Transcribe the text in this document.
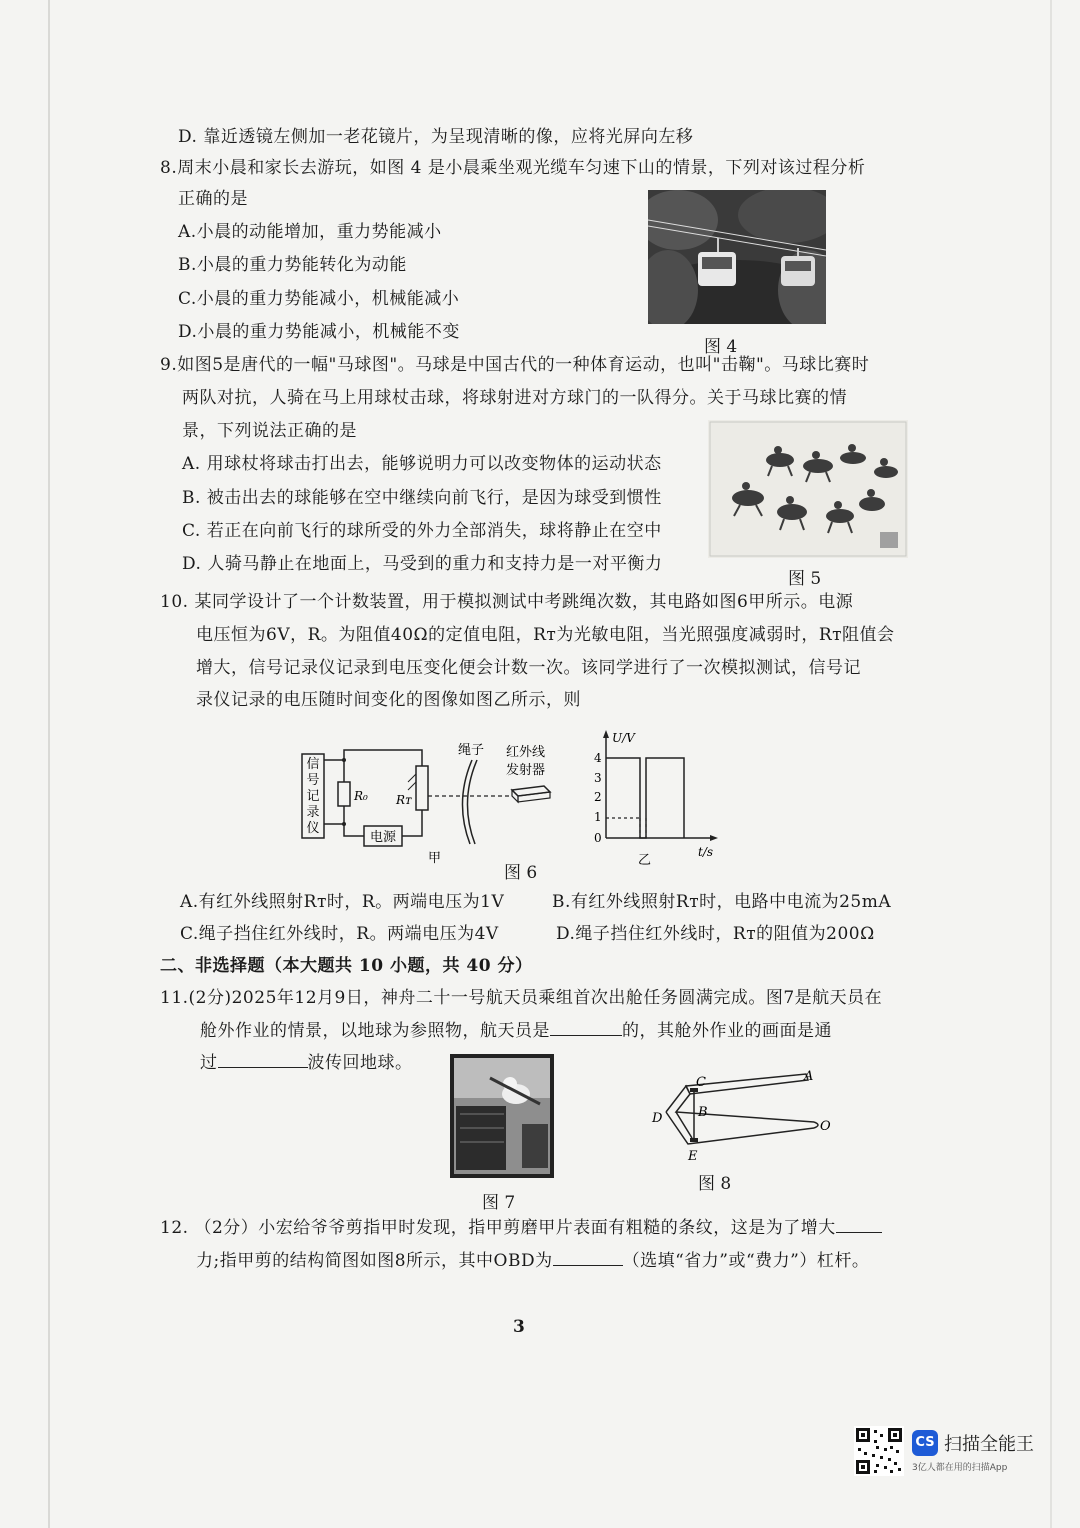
D. 靠近透镜左侧加一老花镜片，为呈现清晰的像，应将光屏向左移
8.周末小晨和家长去游玩，如图 4 是小晨乘坐观光缆车匀速下山的情景，下列对该过程分析
正确的是
A.小晨的动能增加，重力势能减小
B.小晨的重力势能转化为动能
C.小晨的重力势能减小，机械能减小
D.小晨的重力势能减小，机械能不变
图 4
9.如图5是唐代的一幅"马球图"。马球是中国古代的一种体育运动，也叫"击鞠"。马球比赛时
两队对抗，人骑在马上用球杖击球，将球射进对方球门的一队得分。关于马球比赛的情
景，下列说法正确的是
A. 用球杖将球击打出去，能够说明力可以改变物体的运动状态
B. 被击出去的球能够在空中继续向前飞行，是因为球受到惯性
C. 若正在向前飞行的球所受的外力全部消失，球将静止在空中
D. 人骑马静止在地面上，马受到的重力和支持力是一对平衡力
图 5
10. 某同学设计了一个计数装置，用于模拟测试中考跳绳次数，其电路如图6甲所示。电源
电压恒为6V，R。为阻值40Ω的定值电阻，Rᴛ为光敏电阻，当光照强度减弱时，Rᴛ阻值会
增大，信号记录仪记录到电压变化便会计数一次。该同学进行了一次模拟测试，信号记
录仪记录的电压随时间变化的图像如图乙所示，则
信
号
记
录
仪
R₀ Rᴛ
电源
绳子 红外线
发射器
甲
U/V
t/s
4
3
2
1
0
乙
图 6
A.有红外线照射Rᴛ时，R。两端电压为1V	B.有红外线照射Rᴛ时，电路中电流为25mA
C.绳子挡住红外线时，R。两端电压为4V	D.绳子挡住红外线时，Rᴛ的阻值为200Ω
二、非选择题（本大题共 10 小题，共 40 分）
11.(2分)2025年12月9日，神舟二十一号航天员乘组首次出舱任务圆满完成。图7是航天员在
舱外作业的情景，以地球为参照物，航天员是	的，其舱外作业的画面是通
过	波传回地球。
图 7
C	A
B
D
E
O
图 8
12. （2分）小宏给爷爷剪指甲时发现，指甲剪磨甲片表面有粗糙的条纹，这是为了增大
力;指甲剪的结构简图如图8所示，其中OBD为	（选填“省力”或“费力”）杠杆。
3
CS 扫描全能王
3亿人都在用的扫描App
